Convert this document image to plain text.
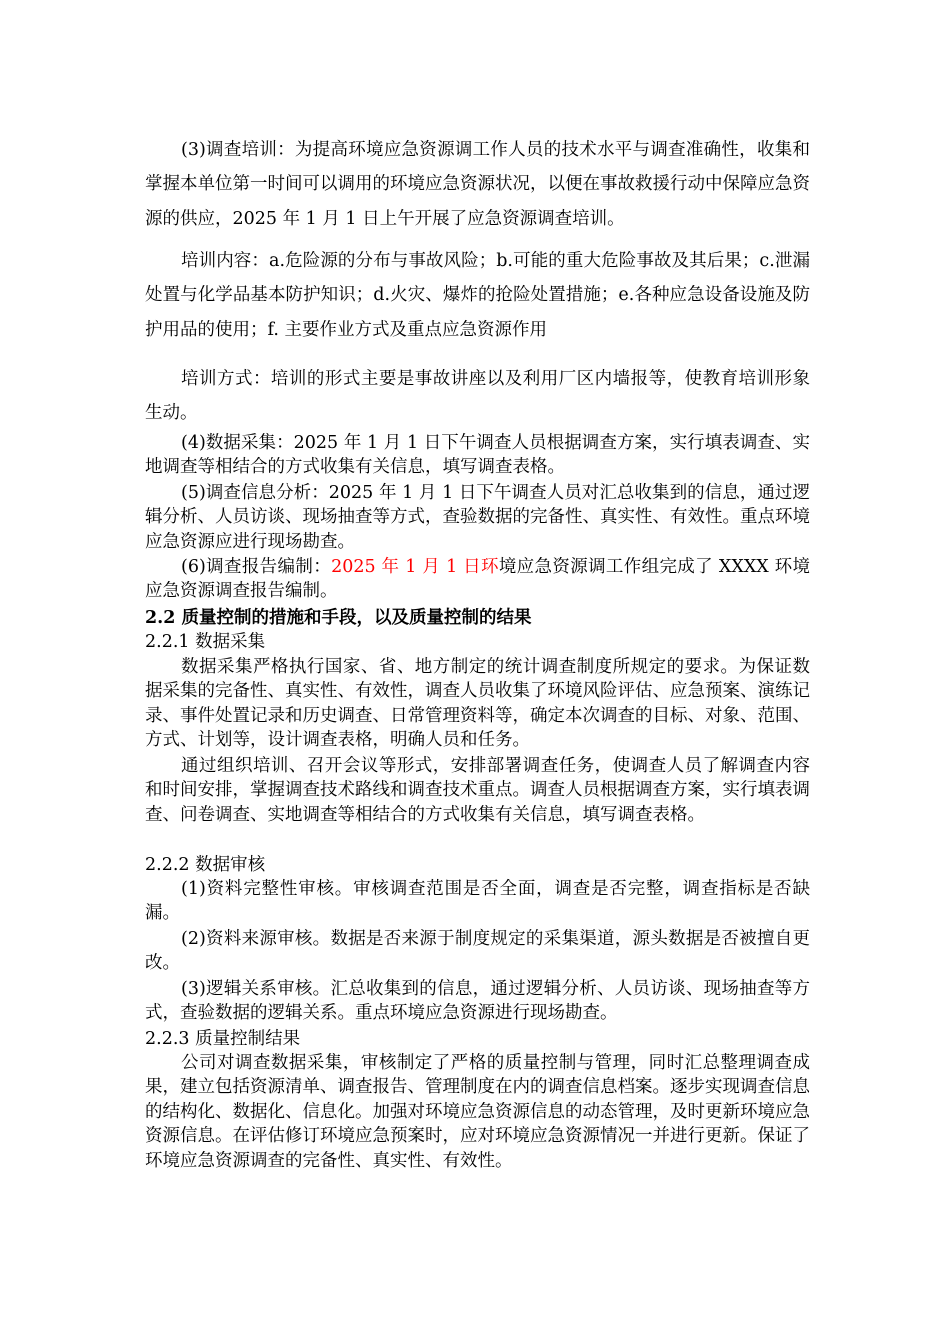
(3)调查培训：为提高环境应急资源调工作人员的技术水平与调查准确性，收集和掌握本单位第一时间可以调用的环境应急资源状况，以便在事故救援行动中保障应急资源的供应，2025 年 1 月 1 日上午开展了应急资源调查培训。

培训内容：a.危险源的分布与事故风险；b.可能的重大危险事故及其后果；c.泄漏处置与化学品基本防护知识；d.火灾、爆炸的抢险处置措施；e.各种应急设备设施及防护用品的使用；f. 主要作业方式及重点应急资源作用

培训方式：培训的形式主要是事故讲座以及利用厂区内墙报等，使教育培训形象生动。

(4)数据采集：2025 年 1 月 1 日下午调查人员根据调查方案，实行填表调查、实地调查等相结合的方式收集有关信息，填写调查表格。

(5)调查信息分析：2025 年 1 月 1 日下午调查人员对汇总收集到的信息，通过逻辑分析、人员访谈、现场抽查等方式，查验数据的完备性、真实性、有效性。重点环境应急资源应进行现场勘查。

(6)调查报告编制：2025 年 1 月 1 日环境应急资源调工作组完成了 XXXX 环境应急资源调查报告编制。

2.2 质量控制的措施和手段，以及质量控制的结果
2.2.1 数据采集

数据采集严格执行国家、省、地方制定的统计调查制度所规定的要求。为保证数据采集的完备性、真实性、有效性，调查人员收集了环境风险评估、应急预案、演练记录、事件处置记录和历史调查、日常管理资料等，确定本次调查的目标、对象、范围、方式、计划等，设计调查表格，明确人员和任务。

通过组织培训、召开会议等形式，安排部署调查任务，使调查人员了解调查内容和时间安排，掌握调查技术路线和调查技术重点。调查人员根据调查方案，实行填表调查、问卷调查、实地调查等相结合的方式收集有关信息，填写调查表格。

2.2.2 数据审核

(1)资料完整性审核。审核调查范围是否全面，调查是否完整，调查指标是否缺漏。

(2)资料来源审核。数据是否来源于制度规定的采集渠道，源头数据是否被擅自更改。

(3)逻辑关系审核。汇总收集到的信息，通过逻辑分析、人员访谈、现场抽查等方式，查验数据的逻辑关系。重点环境应急资源进行现场勘查。

2.2.3 质量控制结果

公司对调查数据采集，审核制定了严格的质量控制与管理，同时汇总整理调查成果，建立包括资源清单、调查报告、管理制度在内的调查信息档案。逐步实现调查信息的结构化、数据化、信息化。加强对环境应急资源信息的动态管理，及时更新环境应急资源信息。在评估修订环境应急预案时，应对环境应急资源情况一并进行更新。保证了环境应急资源调查的完备性、真实性、有效性。
